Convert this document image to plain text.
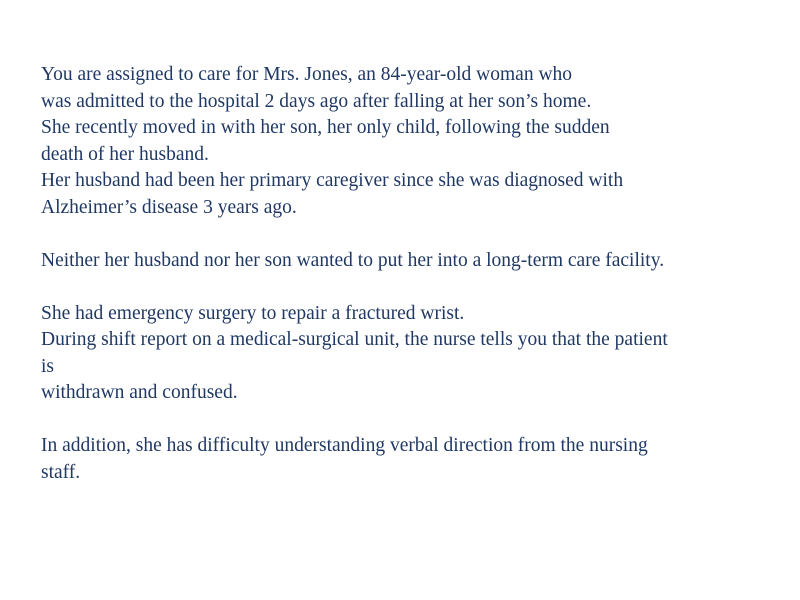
You are assigned to care for Mrs. Jones, an 84-year-old woman who
was admitted to the hospital 2 days ago after falling at her son’s home.
She recently moved in with her son, her only child, following the sudden
death of her husband.
Her husband had been her primary caregiver since she was diagnosed with
Alzheimer’s disease 3 years ago.
Neither her husband nor her son wanted to put her into a long-term care facility.
She had emergency surgery to repair a fractured wrist.
During shift report on a medical-surgical unit, the nurse tells you that the patient
is
withdrawn and confused.
In addition, she has difficulty understanding verbal direction from the nursing
staff.
